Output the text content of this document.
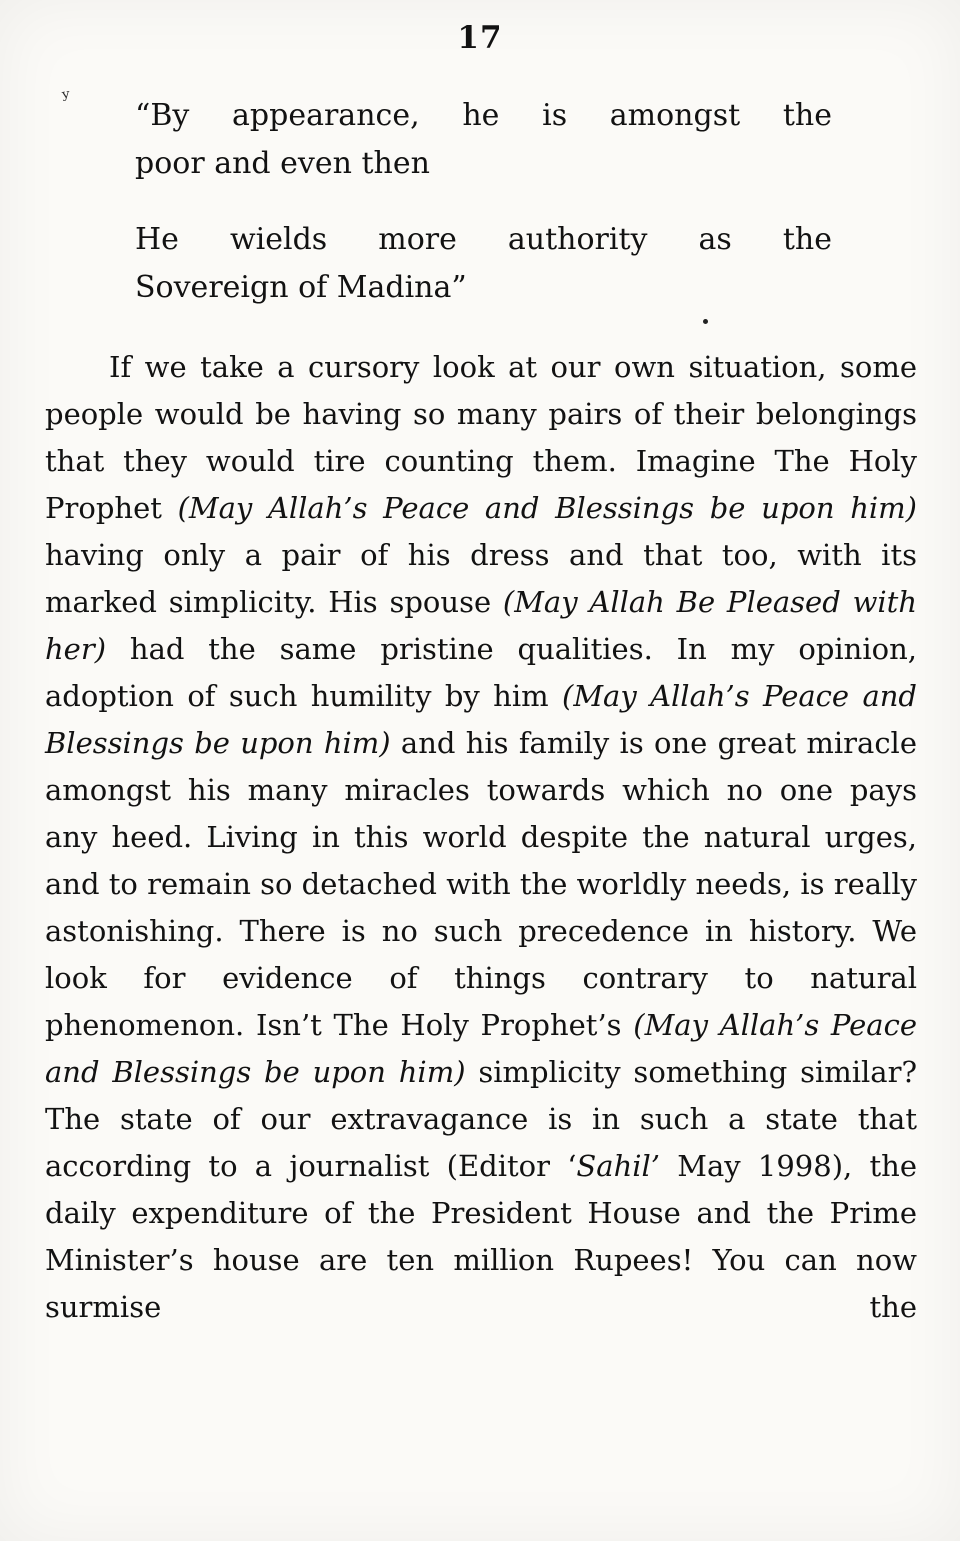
17
ʸ “By appearance, he is amongst the
poor and even then
He wields more authority as the
Sovereign of Madina”
If we take a cursory look at our own situation, some people would be having so many pairs of their belongings that they would tire counting them. Imagine The Holy Prophet (May Allah’s Peace and Blessings be upon him) having only a pair of his dress and that too, with its marked simplicity. His spouse (May Allah Be Pleased with her) had the same pristine qualities. In my opinion, adoption of such humility by him (May Allah’s Peace and Blessings be upon him) and his family is one great miracle amongst his many miracles towards which no one pays any heed. Living in this world despite the natural urges, and to remain so detached with the worldly needs, is really astonishing. There is no such precedence in history. We look for evidence of things contrary to natural phenomenon. Isn’t The Holy Prophet’s (May Allah’s Peace and Blessings be upon him) simplicity something similar? The state of our extravagance is in such a state that according to a journalist (Editor ‘Sahil’ May 1998), the daily expenditure of the President House and the Prime Minister’s house are ten million Rupees! You can now surmise the
